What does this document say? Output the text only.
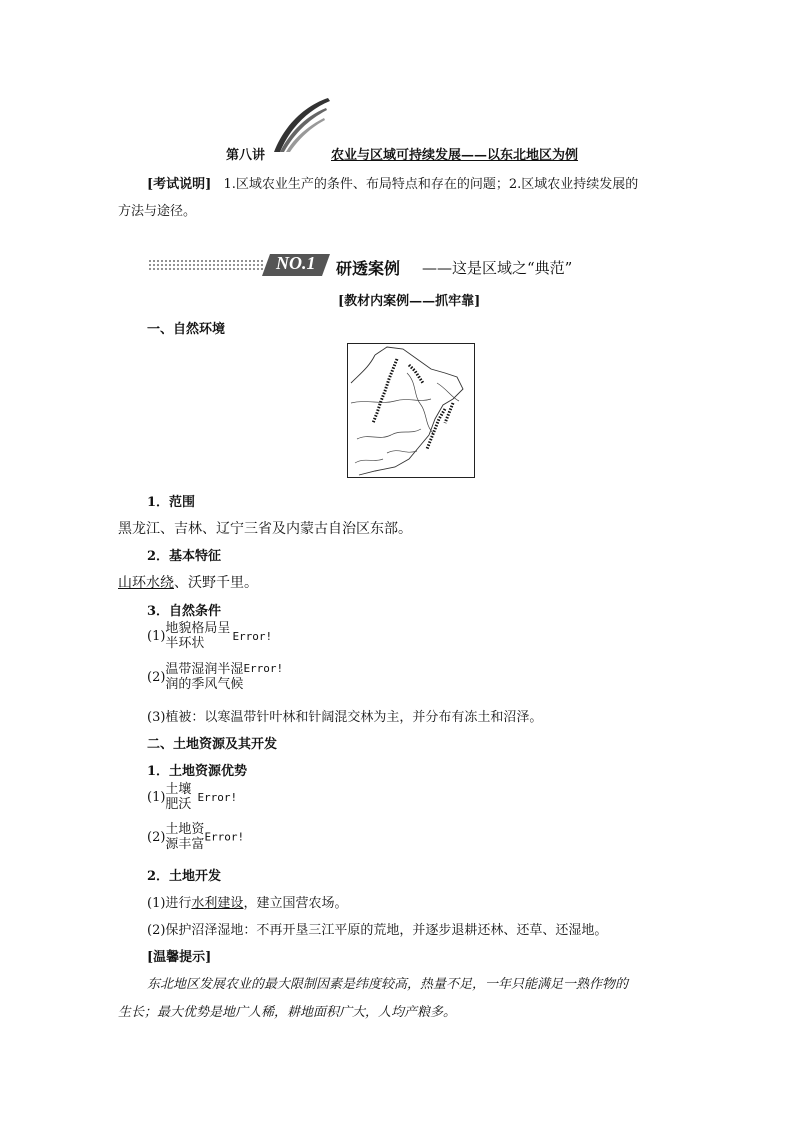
第八讲	农业与区域可持续发展——以东北地区为例
[考试说明] 1.区域农业生产的条件、布局特点和存在的问题；2.区域农业持续发展的
方法与途径。
NO.1 研透案例 ——这是区域之“典范”
[教材内案例——抓牢靠]
一、自然环境
1．范围
黑龙江、吉林、辽宁三省及内蒙古自治区东部。
2．基本特征
山环水绕、沃野千里。
3．自然条件
(1) 地貌格局呈
半环状	Error!
(2) 温带湿润半湿
润的季风气候
$^{Error!}$
(3)植被：以寒温带针叶林和针阔混交林为主，并分布有冻土和沼泽。
二、土地资源及其开发
1．土地资源优势
(1) 土壤
肥沃 Error!
(2) 土地资
源丰富 Error!
2．土地开发
(1)进行水利建设，建立国营农场。
(2)保护沼泽湿地：不再开垦三江平原的荒地，并逐步退耕还林、还草、还湿地。
[温馨提示]
东北地区发展农业的最大限制因素是纬度较高，热量不足，一年只能满足一熟作物的
生长；最大优势是地广人稀，耕地面积广大，人均产粮多。
